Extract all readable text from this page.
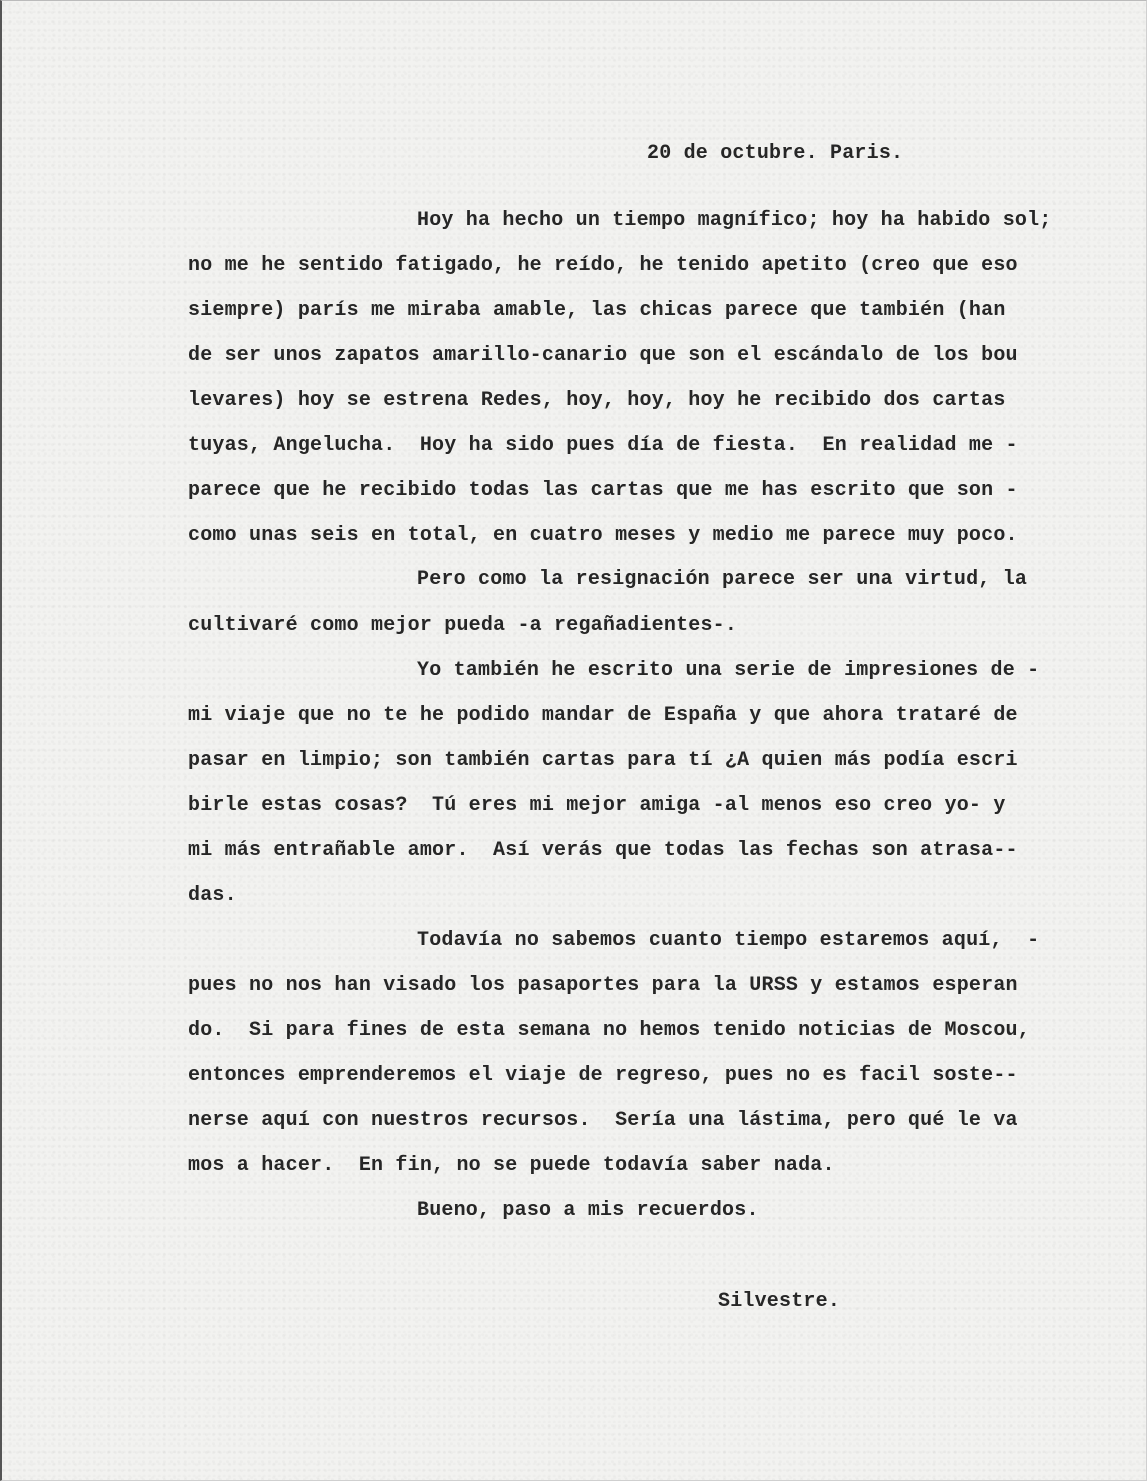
20 de octubre. Paris.

Hoy ha hecho un tiempo magnífico; hoy ha habido sol;

no me he sentido fatigado, he reído, he tenido apetito (creo que eso

siempre) parís me miraba amable, las chicas parece que también (han

de ser unos zapatos amarillo-canario que son el escándalo de los bou

levares) hoy se estrena Redes, hoy, hoy, hoy he recibido dos cartas

tuyas, Angelucha.  Hoy ha sido pues día de fiesta.  En realidad me -

parece que he recibido todas las cartas que me has escrito que son -

como unas seis en total, en cuatro meses y medio me parece muy poco.

Pero como la resignación parece ser una virtud, la

cultivaré como mejor pueda -a regañadientes-.

Yo también he escrito una serie de impresiones de -

mi viaje que no te he podido mandar de España y que ahora trataré de

pasar en limpio; son también cartas para tí ¿A quien más podía escri

birle estas cosas?  Tú eres mi mejor amiga -al menos eso creo yo- y

mi más entrañable amor.  Así verás que todas las fechas son atrasa--

das.

Todavía no sabemos cuanto tiempo estaremos aquí,  -

pues no nos han visado los pasaportes para la URSS y estamos esperan

do.  Si para fines de esta semana no hemos tenido noticias de Moscou,

entonces emprenderemos el viaje de regreso, pues no es facil soste--

nerse aquí con nuestros recursos.  Sería una lástima, pero qué le va

mos a hacer.  En fin, no se puede todavía saber nada.

Bueno, paso a mis recuerdos.

Silvestre.
